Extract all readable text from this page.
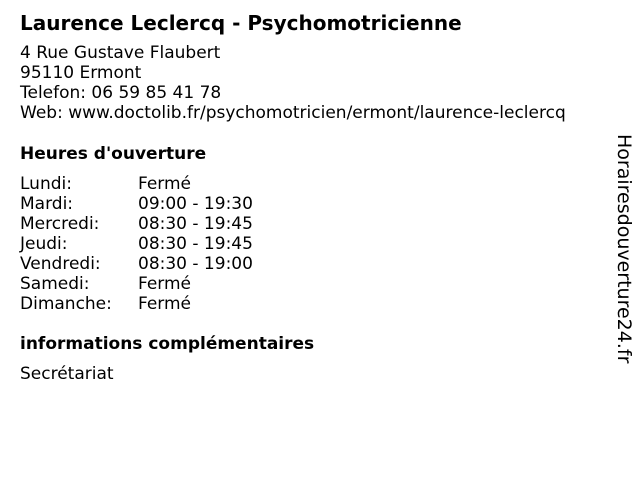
Laurence Leclercq - Psychomotricienne
4 Rue Gustave Flaubert
95110 Ermont
Telefon: 06 59 85 41 78
Web: www.doctolib.fr/psychomotricien/ermont/laurence-leclercq
Heures d'ouverture
Lundi:	Fermé
Mardi:	09:00 - 19:30
Mercredi:	08:30 - 19:45
Jeudi:	08:30 - 19:45
Vendredi:	08:30 - 19:00
Samedi:	Fermé
Dimanche:	Fermé
informations complémentaires
Secrétariat
Horairesdouverture24.fr
